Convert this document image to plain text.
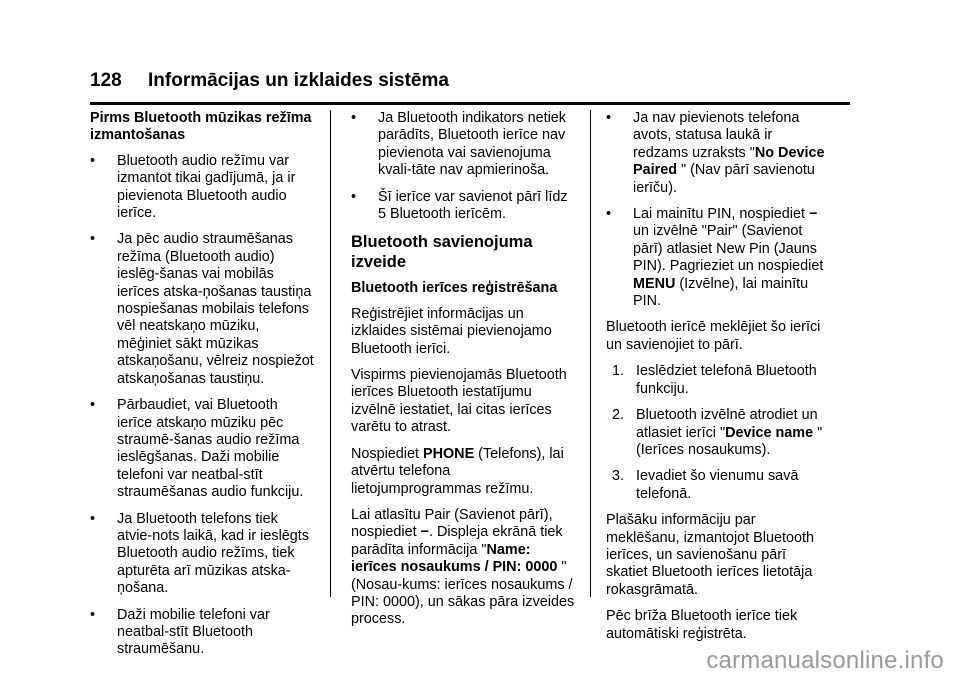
128 Informācijas un izklaides sistēma

Pirms Bluetooth mūzikas režīma izmantošanas

• Bluetooth audio režīmu var izmantot tikai gadījumā, ja ir pievienota Bluetooth audio ierīce.
• Ja pēc audio straumēšanas režīma (Bluetooth audio) ieslēg-šanas vai mobilās ierīces atska-ņošanas taustiņa nospiešanas mobilais telefons vēl neatskaņo mūziku, mēģiniet sākt mūzikas atskaņošanu, vēlreiz nospiežot atskaņošanas taustiņu.
• Pārbaudiet, vai Bluetooth ierīce atskaņo mūziku pēc straumē-šanas audio režīma ieslēgšanas. Daži mobilie telefoni var neatbal-stīt straumēšanas audio funkciju.
• Ja Bluetooth telefons tiek atvie-nots laikā, kad ir ieslēgts Bluetooth audio režīms, tiek apturēta arī mūzikas atska-ņošana.
• Daži mobilie telefoni var neatbal-stīt Bluetooth straumēšanu.
• Ja Bluetooth indikators netiek parādīts, Bluetooth ierīce nav pievienota vai savienojuma kvali-tāte nav apmierinoša.
• Šī ierīce var savienot pārī līdz 5 Bluetooth ierīcēm.
Bluetooth savienojuma izveide

Bluetooth ierīces reģistrēšana

Reģistrējiet informācijas un izklaides sistēmai pievienojamo Bluetooth ierīci.

Vispirms pievienojamās Bluetooth ierīces Bluetooth iestatījumu izvēlnē iestatiet, lai citas ierīces varētu to atrast.

Nospiediet PHONE (Telefons), lai atvērtu telefona lietojumprogrammas režīmu.

Lai atlasītu Pair (Savienot pārī), nospiediet −. Displeja ekrānā tiek parādīta informācija "Name: ierīces nosaukums / PIN: 0000 " (Nosau-kums: ierīces nosaukums / PIN: 0000), un sākas pāra izveides process.

• Ja nav pievienots telefona avots, statusa laukā ir redzams uzraksts "No Device Paired " (Nav pārī savienotu ierīču).
• Lai mainītu PIN, nospiediet − un izvēlnē "Pair" (Savienot pārī) atlasiet New Pin (Jauns PIN). Pagrieziet un nospiediet MENU (Izvēlne), lai mainītu PIN.

Bluetooth ierīcē meklējiet šo ierīci un savienojiet to pārī.

1. Ieslēdziet telefonā Bluetooth funkciju.
2. Bluetooth izvēlnē atrodiet un atlasiet ierīci "Device name " (Ierīces nosaukums).
3. Ievadiet šo vienumu savā telefonā.

Plašāku informāciju par meklēšanu, izmantojot Bluetooth ierīces, un savienošanu pārī skatiet Bluetooth ierīces lietotāja rokasgrāmatā.

Pēc brīža Bluetooth ierīce tiek automātiski reģistrēta.

carmanualsonline.info
